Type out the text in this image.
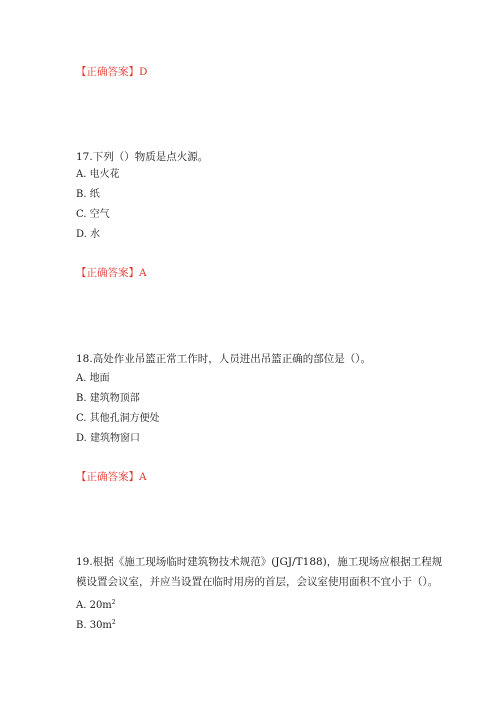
【正确答案】D
17.下列（）物质是点火源。
A. 电火花
B. 纸
C. 空气
D. 水
【正确答案】A
18.高处作业吊篮正常工作时，人员进出吊篮正确的部位是（）。
A. 地面
B. 建筑物顶部
C. 其他孔洞方便处
D. 建筑物窗口
【正确答案】A
19.根据《施工现场临时建筑物技术规范》(JGJ/T188)，施工现场应根据工程规
模设置会议室，并应当设置在临时用房的首层，会议室使用面积不宜小于（）。
A. $20m^2$
B. $30m^2$
